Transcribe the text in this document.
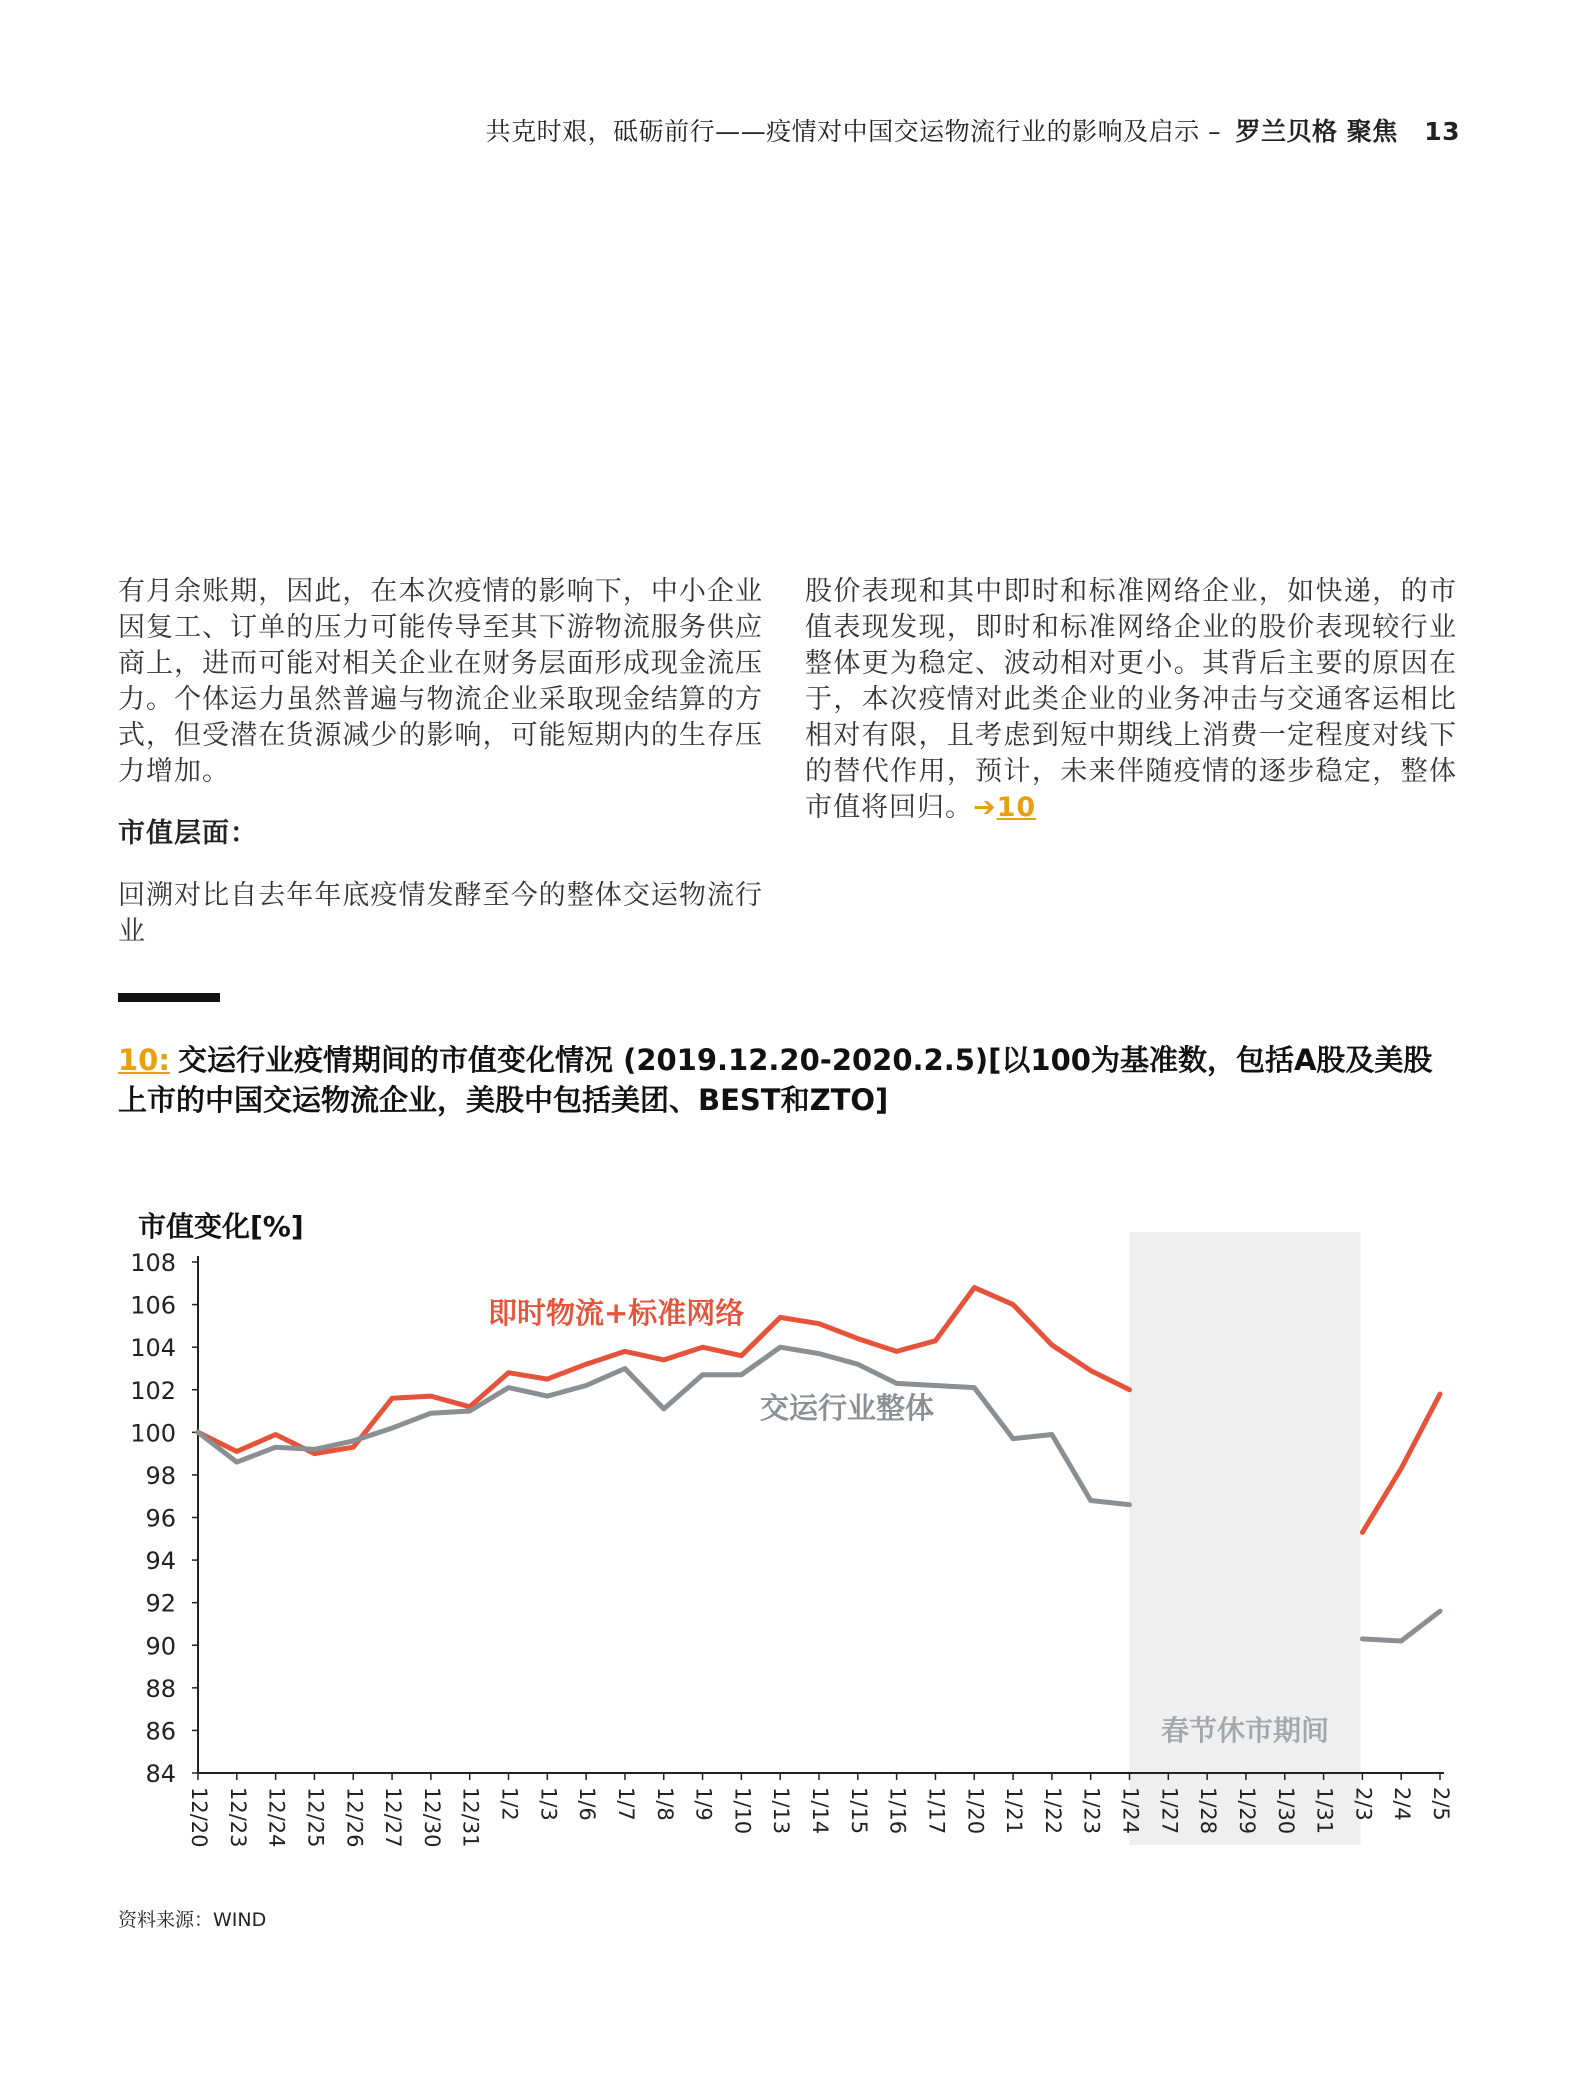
共克时艰，砥砺前行——疫情对中国交运物流行业的影响及启示 – 罗兰贝格 聚焦 13

有月余账期，因此，在本次疫情的影响下，中小企业因复工、订单的压力可能传导至其下游物流服务供应商上，进而可能对相关企业在财务层面形成现金流压力。个体运力虽然普遍与物流企业采取现金结算的方式，但受潜在货源减少的影响，可能短期内的生存压力增加。

市值层面：

回溯对比自去年年底疫情发酵至今的整体交运物流行业

股价表现和其中即时和标准网络企业，如快递，的市值表现发现，即时和标准网络企业的股价表现较行业整体更为稳定、波动相对更小。其背后主要的原因在于，本次疫情对此类企业的业务冲击与交通客运相比相对有限，且考虑到短中期线上消费一定程度对线下的替代作用，预计，未来伴随疫情的逐步稳定，整体市值将回归。➔10

10: 交运行业疫情期间的市值变化情况 (2019.12.20-2020.2.5)[以100为基准数，包括A股及美股上市的中国交运物流企业，美股中包括美团、BEST和ZTO]
84
86
88
90
92
94
96
98
100
102
104
106
108
12/20 12/23 12/24 12/25 12/26 12/27 12/30 12/31 1/2 1/3 1/6 1/7 1/8 1/9 1/10 1/13 1/14 1/15 1/16 1/17 1/20 1/21 1/22 1/23 1/24 1/27 1/28 1/29 1/30 1/31 2/3 2/4 2/5
春节休市期间
市值变化[%]
即时物流+标准网络
交运行业整体
资料来源：WIND
